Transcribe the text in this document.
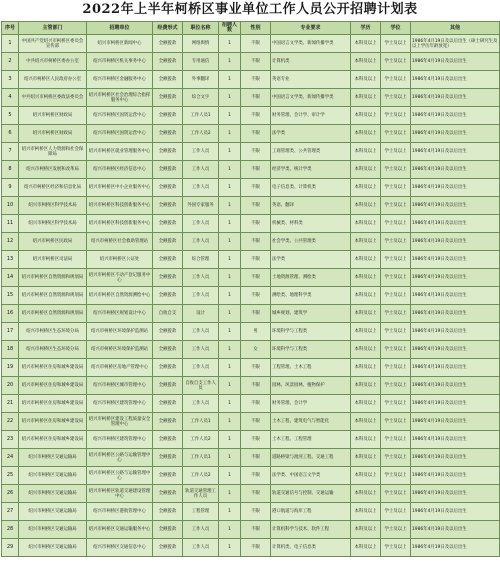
2022年上半年柯桥区事业单位工作人员公开招聘计划表
序号	主管部门	招聘单位	经费形式	职位名称	招聘人数	性别	专业要求	学历	学位	其他
1	中国共产党绍兴市柯桥区委员会宣传部	绍兴市柯桥区新闻中心	全额拨款	网络舆情	1	不限	中国语言文学类、新闻传播学类	本科及以上	学士及以上	1986年4月19日及以后出生（硕士研究生及以上学历年龄放宽）
2	中共绍兴市柯桥区委办公室	绍兴市柯桥区机关事务中心	全额拨款	专用通信	1	不限	计算机类	本科及以上	学士及以上	1986年4月19日及以后出生
3	绍兴市柯桥区人民政府办公室	绍兴市柯桥区金融服务中心	全额拨款	外事翻译	1	不限	英语专业	本科及以上	学士及以上	1986年4月19日及以后出生
4	中共绍兴市柯桥区委政法委员会	绍兴市柯桥区社会治理综合指挥服务中心	全额拨款	综合文字	1	不限	中国语言文学类、新闻传播学类	本科及以上	学士及以上	1986年4月19日及以后出生
5	绍兴市柯桥区财政局	绍兴市柯桥区国资运营中心	全额拨款	工作人员1	1	不限	财务管理、会计学、审计学	本科及以上	学士及以上	1986年4月19日及以后出生
6	绍兴市柯桥区财政局	绍兴市柯桥区国资运营中心	全额拨款	工作人员2	1	不限	法学类	本科及以上	学士及以上	1986年4月19日及以后出生
7	绍兴市柯桥区人力资源和社会保障局	绍兴市柯桥区就业管理服务中心	全额拨款	工作人员	1	不限	工商管理类、公共管理类	本科及以上	学士及以上	1986年4月19日及以后出生
8	绍兴市柯桥区发展和改革局	绍兴市柯桥区经济信息中心	全额拨款	工作人员	1	不限	经济学类、统计学类	本科及以上	学士及以上	1986年4月19日及以后出生
9	绍兴市柯桥区经济和信息化局	绍兴市柯桥区中小企业服务中心	全额拨款	工作人员	1	不限	电子信息类、计算机类	本科及以上	学士及以上	1986年4月19日及以后出生
10	绍兴市柯桥区科学技术局	绍兴市柯桥区科技创新服务中心	全额拨款	外国专家服务	1	不限	英语、翻译	本科及以上	学士及以上	1986年4月19日及以后出生
11	绍兴市柯桥区科学技术局	绍兴市柯桥区科技创新服务中心	全额拨款	工作人员	1	不限	机械类、材料类	本科及以上	学士及以上	1986年4月19日及以后出生
12	绍兴市柯桥区民政局	绍兴市柯桥区社会救助管理站	全额拨款	工作人员	1	不限	社会学类、公共管理类	本科及以上	学士及以上	1986年4月19日及以后出生
13	绍兴市柯桥区司法局	绍兴市柯桥区公证处	全额拨款	综合管理	1	不限	法学类	本科及以上	学士及以上	1986年4月19日及以后出生
14	绍兴市柯桥区自然资源和规划局	绍兴市柯桥区不动产登记服务中心	全额拨款	工作人员	1	不限	土地资源管理、测绘类	本科及以上	学士及以上	1986年4月19日及以后出生
15	绍兴市柯桥区自然资源和规划局	绍兴市柯桥区自然资源测绘中心	全额拨款	工作人员	1	不限	测绘类、地理科学类	本科及以上	学士及以上	1986年4月19日及以后出生
16	绍兴市柯桥区自然资源和规划局	绍兴市柯桥区规划设计中心	自收自支	设计	1	不限	城乡规划、建筑学	本科及以上	学士及以上	1986年4月19日及以后出生
17	绍兴市柯桥区生态环境分局	绍兴市柯桥区环境保护监测站	全额拨款	工作人员	1	男	环境科学与工程类	本科及以上	学士及以上	1986年4月19日及以后出生
18	绍兴市柯桥区生态环境分局	绍兴市柯桥区环境保护监测站	全额拨款	工作人员	1	女	环境科学与工程类	本科及以上	学士及以上	1986年4月19日及以后出生
19	绍兴市柯桥区住房和城乡建设局	绍兴市柯桥区房地产管理中心	全额拨款	工作人员	1	不限	工程管理、土木工程	本科及以上	学士及以上	1986年4月19日及以后出生
20	绍兴市柯桥区住房和城乡建设局	绍兴市柯桥区城市管理中心	全额拨款	自收自支工作人员	1	不限	园林、风景园林、植物保护	本科及以上	学士及以上	1986年4月19日及以后出生
21	绍兴市柯桥区住房和城乡建设局	绍兴市柯桥区建筑管理中心	全额拨款	工作人员	1	不限	财务管理、会计学	本科及以上	学士及以上	1986年4月19日及以后出生
22	绍兴市柯桥区住房和城乡建设局	绍兴市柯桥区建设工程质量安全管理中心	全额拨款	工作人员1	1	不限	土木工程、建筑电气与智能化	本科及以上	学士及以上	1986年4月19日及以后出生
23	绍兴市柯桥区住房和城乡建设局	绍兴市柯桥区建筑管理中心	全额拨款	工作人员2	1	不限	土木工程、工程管理	本科及以上	学士及以上	1986年4月19日及以后出生
24	绍兴市柯桥区交通运输局	绍兴市柯桥区公路与运输管理中心	全额拨款	工作人员1	1	不限	道路桥梁与渡河工程、交通工程	本科及以上	学士及以上	1986年4月19日及以后出生
25	绍兴市柯桥区交通运输局	绍兴市柯桥区公路与运输管理中心	全额拨款	工作人员2	1	不限	法学类、中国语言文学类	本科及以上	学士及以上	1986年4月19日及以后出生
26	绍兴市柯桥区交通运输局	绍兴市柯桥区轨道交通建设管理中心	全额拨款	轨道交通管理工作人员	1	不限	轨道交通信号与控制、交通运输	本科及以上	学士及以上	1986年4月19日及以后出生
27	绍兴市柯桥区交通运输局	绍兴市柯桥区港航管理中心	全额拨款	工程管理	1	不限	港口航道与海岸工程	本科及以上	学士及以上	1986年4月19日及以后出生
28	绍兴市柯桥区交通运输局	绍兴市柯桥区交通运输服务中心	全额拨款	工作人员	1	不限	计算机科学与技术、软件工程	本科及以上	学士及以上	1986年4月19日及以后出生
29	绍兴市柯桥区交通运输局	绍兴市柯桥区交通信息中心	全额拨款	工作人员	1	不限	计算机类、电子信息类	本科及以上	学士及以上	1986年4月19日及以后出生
